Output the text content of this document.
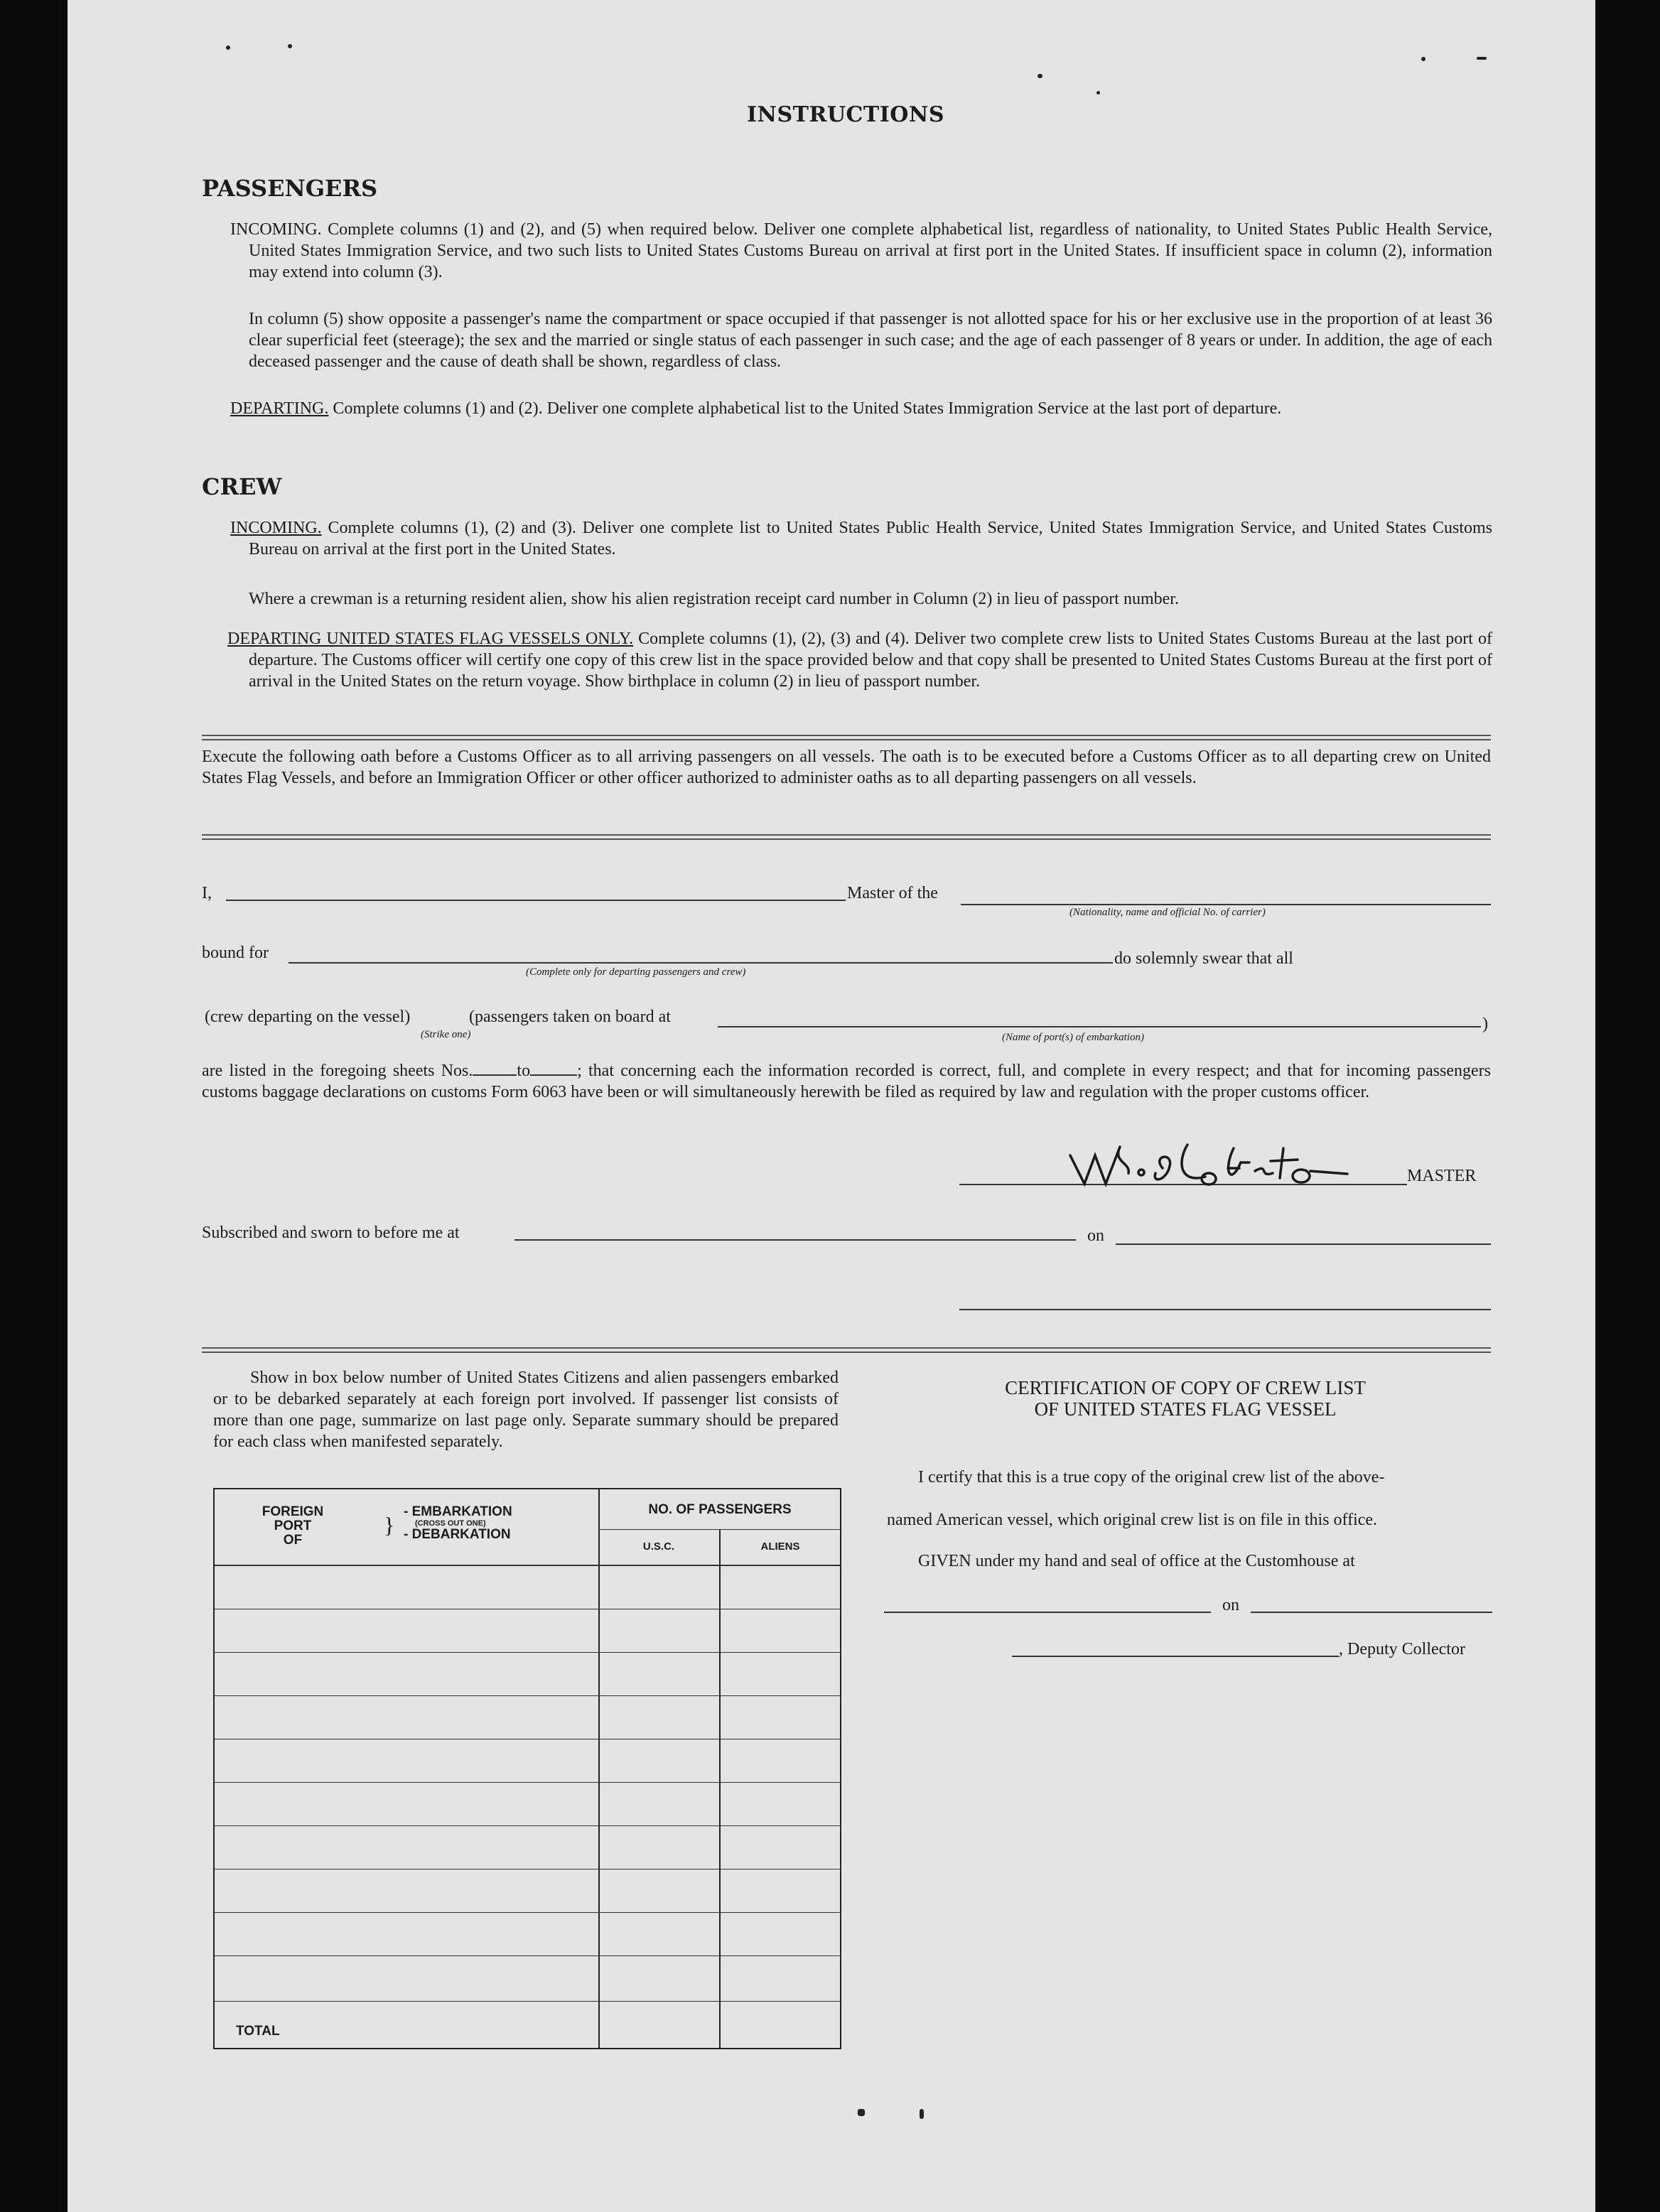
INSTRUCTIONS
PASSENGERS
INCOMING. Complete columns (1) and (2), and (5) when required below. Deliver one complete alphabetical list, regardless of nationality, to United States Public Health Service, United States Immigration Service, and two such lists to United States Customs Bureau on arrival at first port in the United States. If insufficient space in column (2), information may extend into column (3).
In column (5) show opposite a passenger's name the compartment or space occupied if that passenger is not allotted space for his or her exclusive use in the proportion of at least 36 clear superficial feet (steerage); the sex and the married or single status of each passenger in such case; and the age of each passenger of 8 years or under. In addition, the age of each deceased passenger and the cause of death shall be shown, regardless of class.
DEPARTING. Complete columns (1) and (2). Deliver one complete alphabetical list to the United States Immigration Service at the last port of departure.
CREW
INCOMING. Complete columns (1), (2) and (3). Deliver one complete list to United States Public Health Service, United States Immigration Service, and United States Customs Bureau on arrival at the first port in the United States.
Where a crewman is a returning resident alien, show his alien registration receipt card number in Column (2) in lieu of passport number.
DEPARTING UNITED STATES FLAG VESSELS ONLY. Complete columns (1), (2), (3) and (4). Deliver two complete crew lists to United States Customs Bureau at the last port of departure. The Customs officer will certify one copy of this crew list in the space provided below and that copy shall be presented to United States Customs Bureau at the first port of arrival in the United States on the return voyage. Show birthplace in column (2) in lieu of passport number.
Execute the following oath before a Customs Officer as to all arriving passengers on all vessels. The oath is to be executed before a Customs Officer as to all departing crew on United States Flag Vessels, and before an Immigration Officer or other officer authorized to administer oaths as to all departing passengers on all vessels.
I,	Master of the
(Nationality, name and official No. of carrier)
bound for
(Complete only for departing passengers and crew)
do solemnly swear that all
(crew departing on the vessel)	(passengers taken on board at	)
(Strike one)	(Name of port(s) of embarkation)
are listed in the foregoing sheets Nos.	to	; that concerning each the information recorded is correct, full, and complete in every respect; and that for incoming passengers customs baggage declarations on customs Form 6063 have been or will simultaneously herewith be filed as required by law and regulation with the proper customs officer.
MASTER
Subscribed and sworn to before me at	on
Show in box below number of United States Citizens and alien passengers embarked or to be debarked separately at each foreign port involved. If passenger list consists of more than one page, summarize on last page only. Separate summary should be prepared for each class when manifested separately.
FOREIGN
PORT
OF
}
- EMBARKATION
(CROSS OUT ONE)
- DEBARKATION
NO. OF PASSENGERS
U.S.C.	ALIENS
TOTAL
CERTIFICATION OF COPY OF CREW LIST
OF UNITED STATES FLAG VESSEL
I certify that this is a true copy of the original crew list of the above-
named American vessel, which original crew list is on file in this office.
GIVEN under my hand and seal of office at the Customhouse at
on
, Deputy Collector
